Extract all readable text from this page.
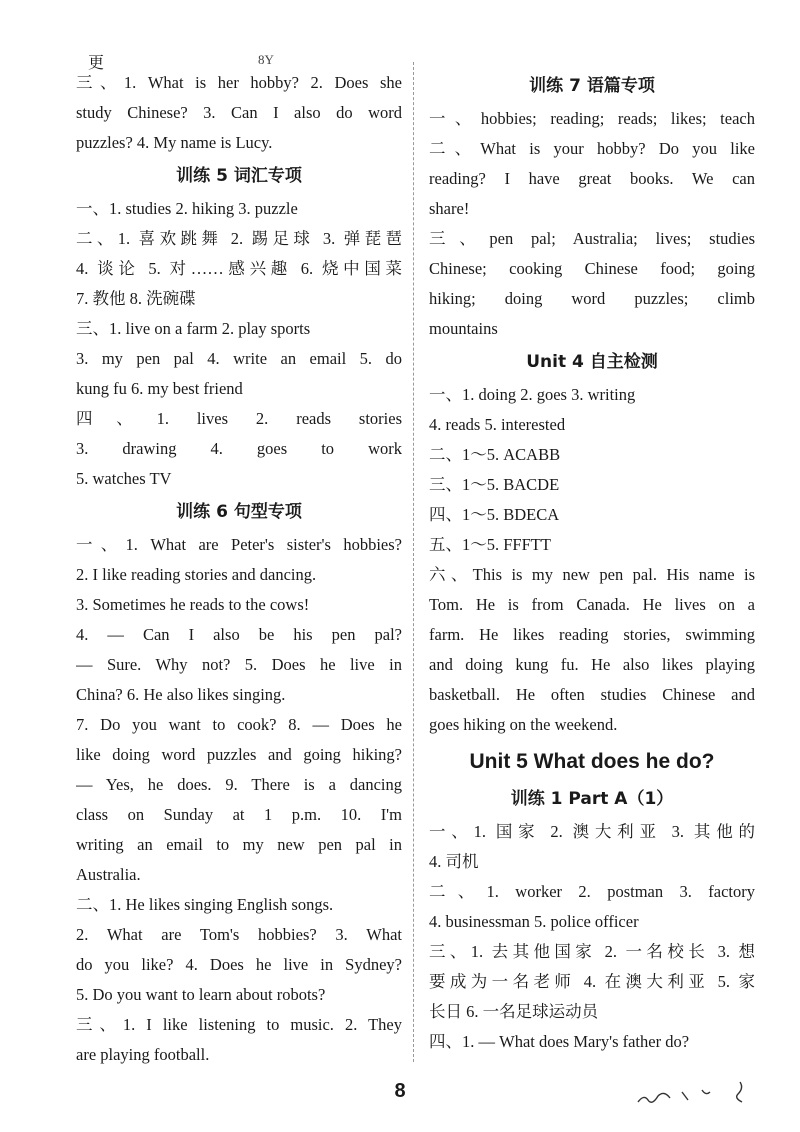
更	8Y
三、1. What is her hobby? 2. Does she
study Chinese? 3. Can I also do word
puzzles? 4. My name is Lucy.
训练 5 词汇专项
一、1. studies 2. hiking 3. puzzle
二、1. 喜欢跳舞 2. 踢足球 3. 弹琵琶
4. 谈论 5. 对……感兴趣 6. 烧中国菜
7. 教他 8. 洗碗碟
三、1. live on a farm 2. play sports
3. my pen pal 4. write an email 5. do
kung fu 6. my best friend
四、1. lives 2. reads stories
3. drawing 4. goes to work
5. watches TV
训练 6 句型专项
一、1. What are Peter's sister's hobbies?
2. I like reading stories and dancing.
3. Sometimes he reads to the cows!
4. — Can I also be his pen pal?
— Sure. Why not? 5. Does he live in
China? 6. He also likes singing.
7. Do you want to cook? 8. — Does he
like doing word puzzles and going hiking?
— Yes, he does. 9. There is a dancing
class on Sunday at 1 p.m. 10. I'm
writing an email to my new pen pal in
Australia.
二、1. He likes singing English songs.
2. What are Tom's hobbies? 3. What
do you like? 4. Does he live in Sydney?
5. Do you want to learn about robots?
三、1. I like listening to music. 2. They
are playing football.
训练 7 语篇专项
一、hobbies; reading; reads; likes; teach
二、What is your hobby? Do you like
reading? I have great books. We can
share!
三、pen pal; Australia; lives; studies
Chinese; cooking Chinese food; going
hiking; doing word puzzles; climb
mountains
Unit 4 自主检测
一、1. doing 2. goes 3. writing
4. reads 5. interested
二、1～5. ACABB
三、1～5. BACDE
四、1～5. BDECA
五、1～5. FFFTT
六、This is my new pen pal. His name is
Tom. He is from Canada. He lives on a
farm. He likes reading stories, swimming
and doing kung fu. He also likes playing
basketball. He often studies Chinese and
goes hiking on the weekend.
Unit 5 What does he do?
训练 1 Part A（1）
一、1. 国家 2. 澳大利亚 3. 其他的
4. 司机
二、1. worker 2. postman 3. factory
4. businessman 5. police officer
三、1. 去其他国家 2. 一名校长 3. 想
要成为一名老师 4. 在澳大利亚 5. 家
长日 6. 一名足球运动员
四、1. — What does Mary's father do?
8
